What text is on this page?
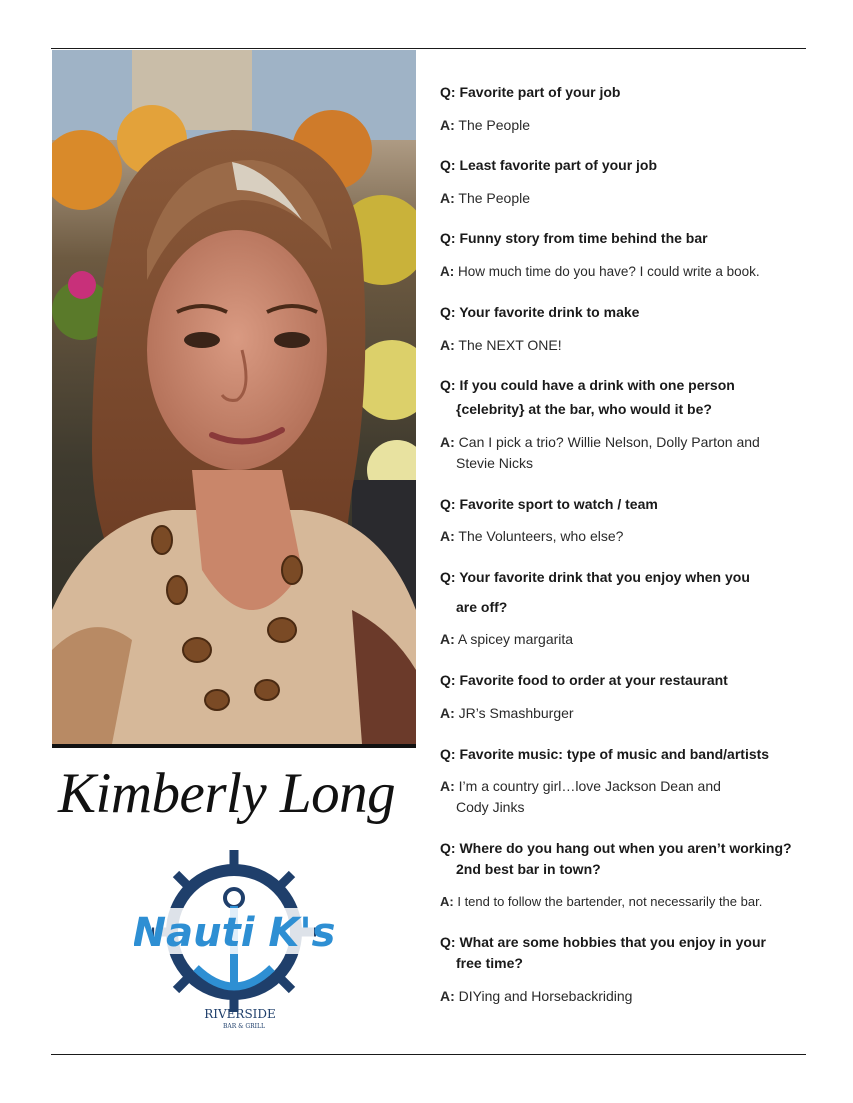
Kimberly Long
Nauti K's
RIVERSIDE
BAR & GRILL
Q: Favorite part of your job
A: The People
Q: Least favorite part of your job
A: The People
Q: Funny story from time behind the bar
A: How much time do you have? I could write a book.
Q: Your favorite drink to make
A: The NEXT ONE!
Q: If you could have a drink with one person
{celebrity} at the bar, who would it be?
A: Can I pick a trio? Willie Nelson, Dolly Parton and
Stevie Nicks
Q: Favorite sport to watch / team
A: The Volunteers, who else?
Q: Your favorite drink that you enjoy when you
are off?
A: A spicey margarita
Q: Favorite food to order at your restaurant
A: JR’s Smashburger
Q: Favorite music: type of music and band/artists
A: I’m a country girl…love Jackson Dean and
Cody Jinks
Q: Where do you hang out when you aren’t working?
2nd best bar in town?
A: I tend to follow the bartender, not necessarily the bar.
Q: What are some hobbies that you enjoy in your
free time?
A: DIYing and Horsebackriding
